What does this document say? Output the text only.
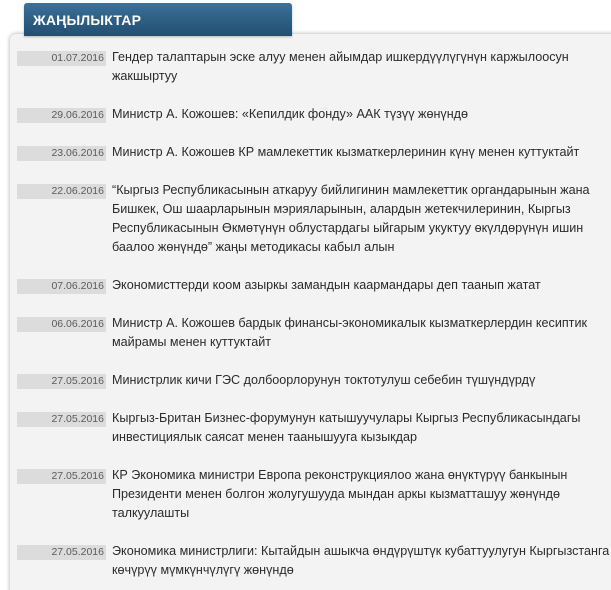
01.07.2016 Гендер талаптарын эске алуу менен айымдар ишкердүүлүгүнүн каржылоосун жакшыртуу
29.06.2016 Министр А. Кожошев: «Кепилдик фонду» ААК түзүү жөнүндө
23.06.2016 Министр А. Кожошев КР мамлекеттик кызматкерлеринин күнү менен куттуктайт
22.06.2016 “Кыргыз Республикасынын аткаруу бийлигинин мамлекеттик органдарынын жана Бишкек, Ош шаарларынын мэрияларынын, алардын жетекчилеринин, Кыргыз Республикасынын Өкмөтүнүн облустардагы ыйгарым укуктуу өкүлдөрүнүн ишин баалоо жөнүндө” жаңы методикасы кабыл алын
07.06.2016 Экономисттерди коом азыркы замандын каармандары деп таанып жатат
06.06.2016 Министр А. Кожошев бардык финансы-экономикалык кызматкерлердин кесиптик майрамы менен куттуктайт
27.05.2016 Министрлик кичи ГЭС долбоорлорунун токтотулуш себебин түшүндүрдү
27.05.2016 Кыргыз-Британ Бизнес-форумунун катышуучулары Кыргыз Республикасындагы инвестициялык саясат менен таанышууга кызыкдар
27.05.2016 КР Экономика министри Европа реконструкциялоо жана өнүктүрүү банкынын Президенти менен болгон жолугушууда мындан аркы кызматташуу жөнүндө талкуулашты
27.05.2016 Экономика министрлиги: Кытайдын ашыкча өндүрүштүк кубаттуулугун Кыргызстанга көчүрүү мүмкүнчүлүгү жөнүндө
ЖАҢЫЛЫКТАР
